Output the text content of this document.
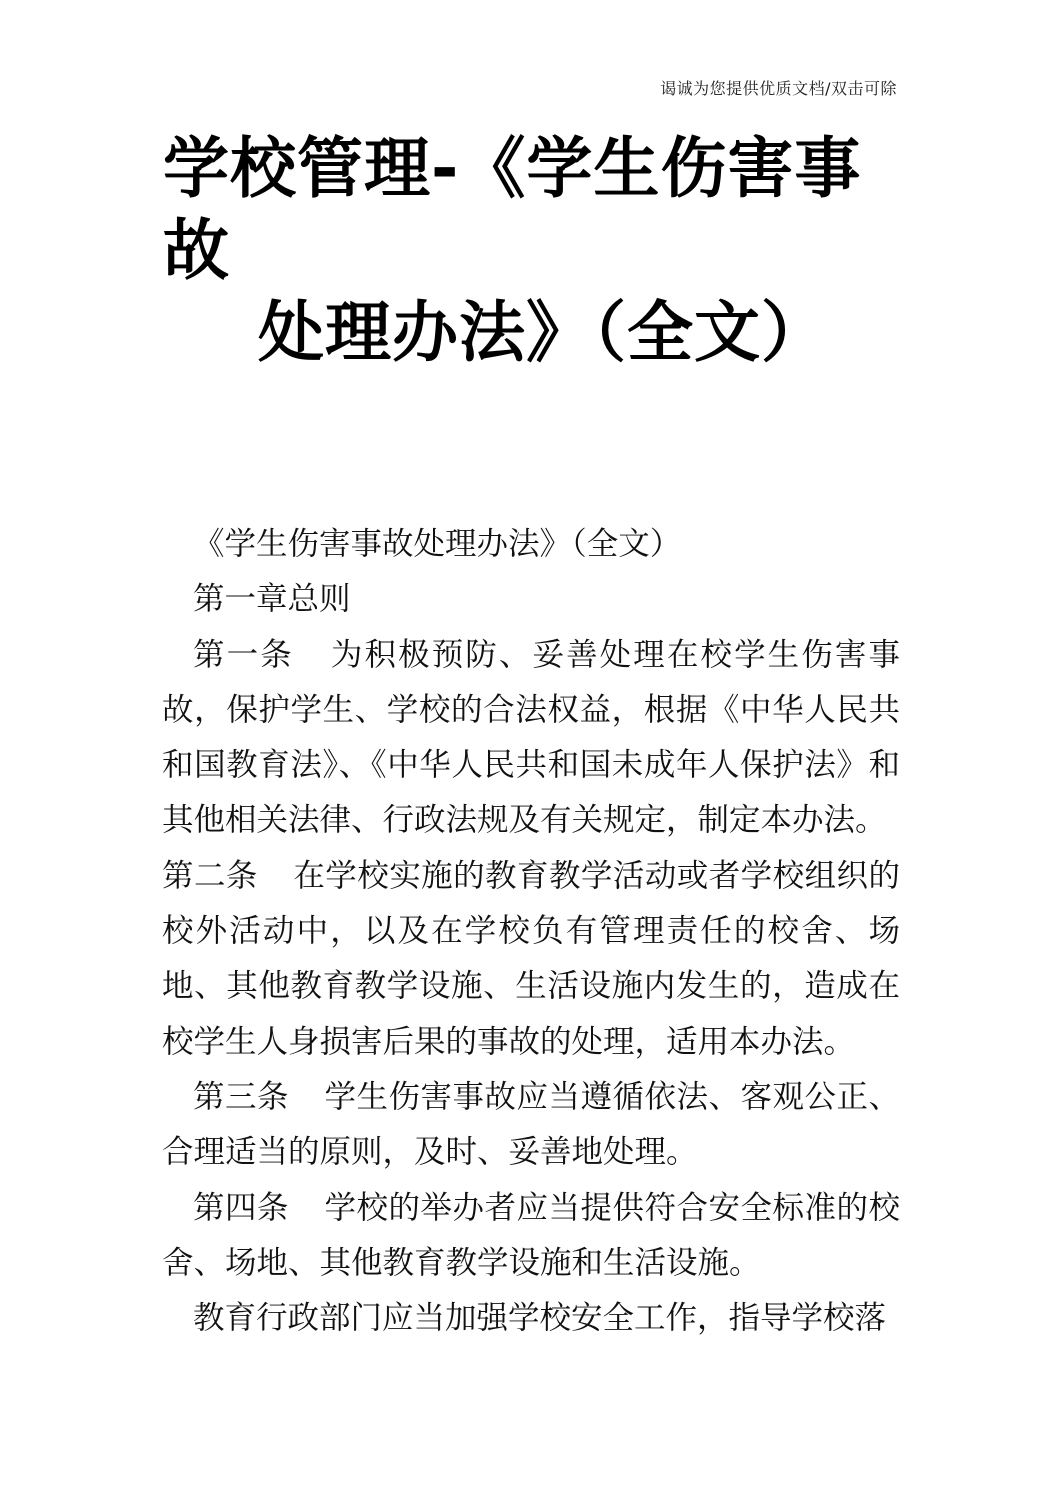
谒诚为您提供优质文档/双击可除
学校管理-《学生伤害事故
处理办法》（全文）

《学生伤害事故处理办法》（全文）

第一章总则

第一条 为积极预防、妥善处理在校学生伤害事故，保护学生、学校的合法权益，根据《中华人民共和国教育法》、《中华人民共和国未成年人保护法》和其他相关法律、行政法规及有关规定，制定本办法。

第二条 在学校实施的教育教学活动或者学校组织的校外活动中，以及在学校负有管理责任的校舍、场地、其他教育教学设施、生活设施内发生的，造成在校学生人身损害后果的事故的处理，适用本办法。

第三条 学生伤害事故应当遵循依法、客观公正、合理适当的原则，及时、妥善地处理。

第四条 学校的举办者应当提供符合安全标准的校舍、场地、其他教育教学设施和生活设施。

教育行政部门应当加强学校安全工作，指导学校落
